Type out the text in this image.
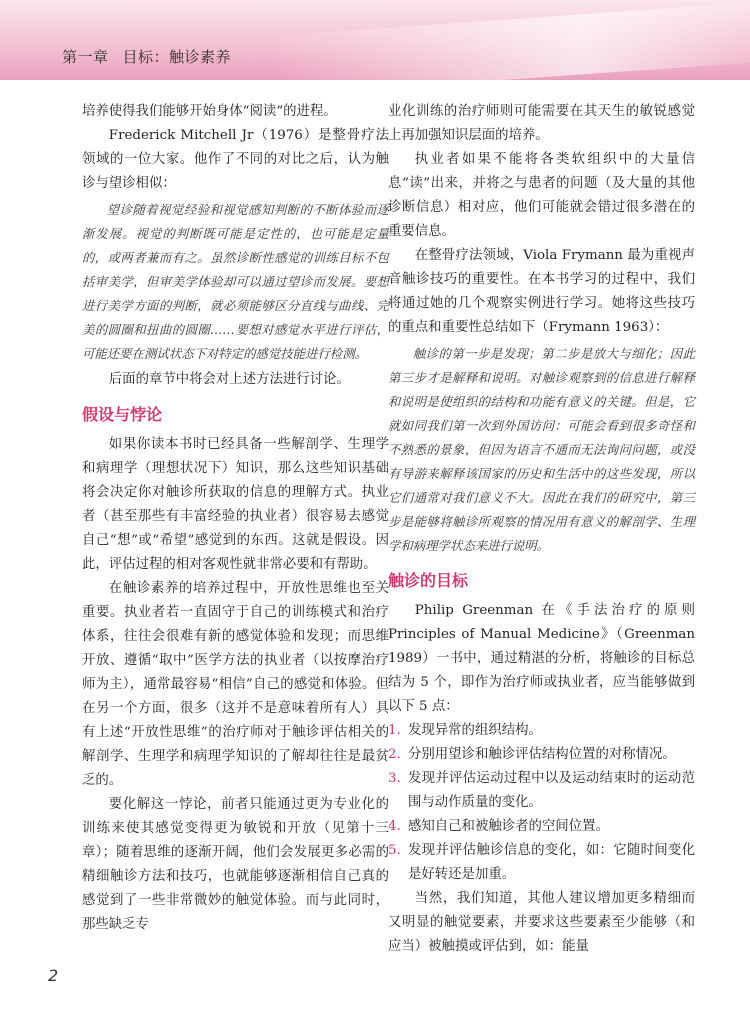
第一章 目标：触诊素养

培养使得我们能够开始身体“阅读”的进程。

Frederick Mitchell Jr（1976）是整骨疗法领域的一位大家。他作了不同的对比之后，认为触诊与望诊相似：

望诊随着视觉经验和视觉感知判断的不断体验而逐渐发展。视觉的判断既可能是定性的，也可能是定量的，或两者兼而有之。虽然诊断性感觉的训练目标不包括审美学，但审美学体验却可以通过望诊而发展。要想进行美学方面的判断，就必须能够区分直线与曲线、完美的圆圈和扭曲的圆圈……要想对感觉水平进行评估，可能还要在测试状态下对特定的感觉技能进行检测。

后面的章节中将会对上述方法进行讨论。

假设与悖论

如果你读本书时已经具备一些解剖学、生理学和病理学（理想状况下）知识，那么这些知识基础将会决定你对触诊所获取的信息的理解方式。执业者（甚至那些有丰富经验的执业者）很容易去感觉自己“想”或“希望”感觉到的东西。这就是假设。因此，评估过程的相对客观性就非常必要和有帮助。

在触诊素养的培养过程中，开放性思维也至关重要。执业者若一直固守于自己的训练模式和治疗体系，往往会很难有新的感觉体验和发现；而思维开放、遵循“取中”医学方法的执业者（以按摩治疗师为主），通常最容易“相信”自己的感觉和体验。但在另一个方面，很多（这并不是意味着所有人）具有上述“开放性思维”的治疗师对于触诊评估相关的解剖学、生理学和病理学知识的了解却往往是最贫乏的。

要化解这一悖论，前者只能通过更为专业化的训练来使其感觉变得更为敏锐和开放（见第十三章）；随着思维的逐渐开阔，他们会发展更多必需的精细触诊方法和技巧，也就能够逐渐相信自己真的感觉到了一些非常微妙的触觉体验。而与此同时，那些缺乏专

业化训练的治疗师则可能需要在其天生的敏锐感觉上再加强知识层面的培养。

执业者如果不能将各类软组织中的大量信息“读”出来，并将之与患者的问题（及大量的其他诊断信息）相对应，他们可能就会错过很多潜在的重要信息。

在整骨疗法领域，Viola Frymann 最为重视声音触诊技巧的重要性。在本书学习的过程中，我们将通过她的几个观察实例进行学习。她将这些技巧的重点和重要性总结如下（Frymann 1963）：

触诊的第一步是发现；第二步是放大与细化；因此第三步才是解释和说明。对触诊观察到的信息进行解释和说明是使组织的结构和功能有意义的关键。但是，它就如同我们第一次到外国访问：可能会看到很多奇怪和不熟悉的景象，但因为语言不通而无法询问问题，或没有导游来解释该国家的历史和生活中的这些发现，所以它们通常对我们意义不大。因此在我们的研究中，第三步是能够将触诊所观察的情况用有意义的解剖学、生理学和病理学状态来进行说明。

触诊的目标

Philip Greenman 在《手法治疗的原则 Principles of Manual Medicine》（Greenman 1989）一书中，通过精湛的分析，将触诊的目标总结为 5 个，即作为治疗师或执业者，应当能够做到以下 5 点：

1. 发现异常的组织结构。
2. 分别用望诊和触诊评估结构位置的对称情况。
3. 发现并评估运动过程中以及运动结束时的运动范围与动作质量的变化。
4. 感知自己和被触诊者的空间位置。
5. 发现并评估触诊信息的变化，如：它随时间变化是好转还是加重。

当然，我们知道，其他人建议增加更多精细而又明显的触觉要素，并要求这些要素至少能够（和应当）被触摸或评估到，如：能量

2
